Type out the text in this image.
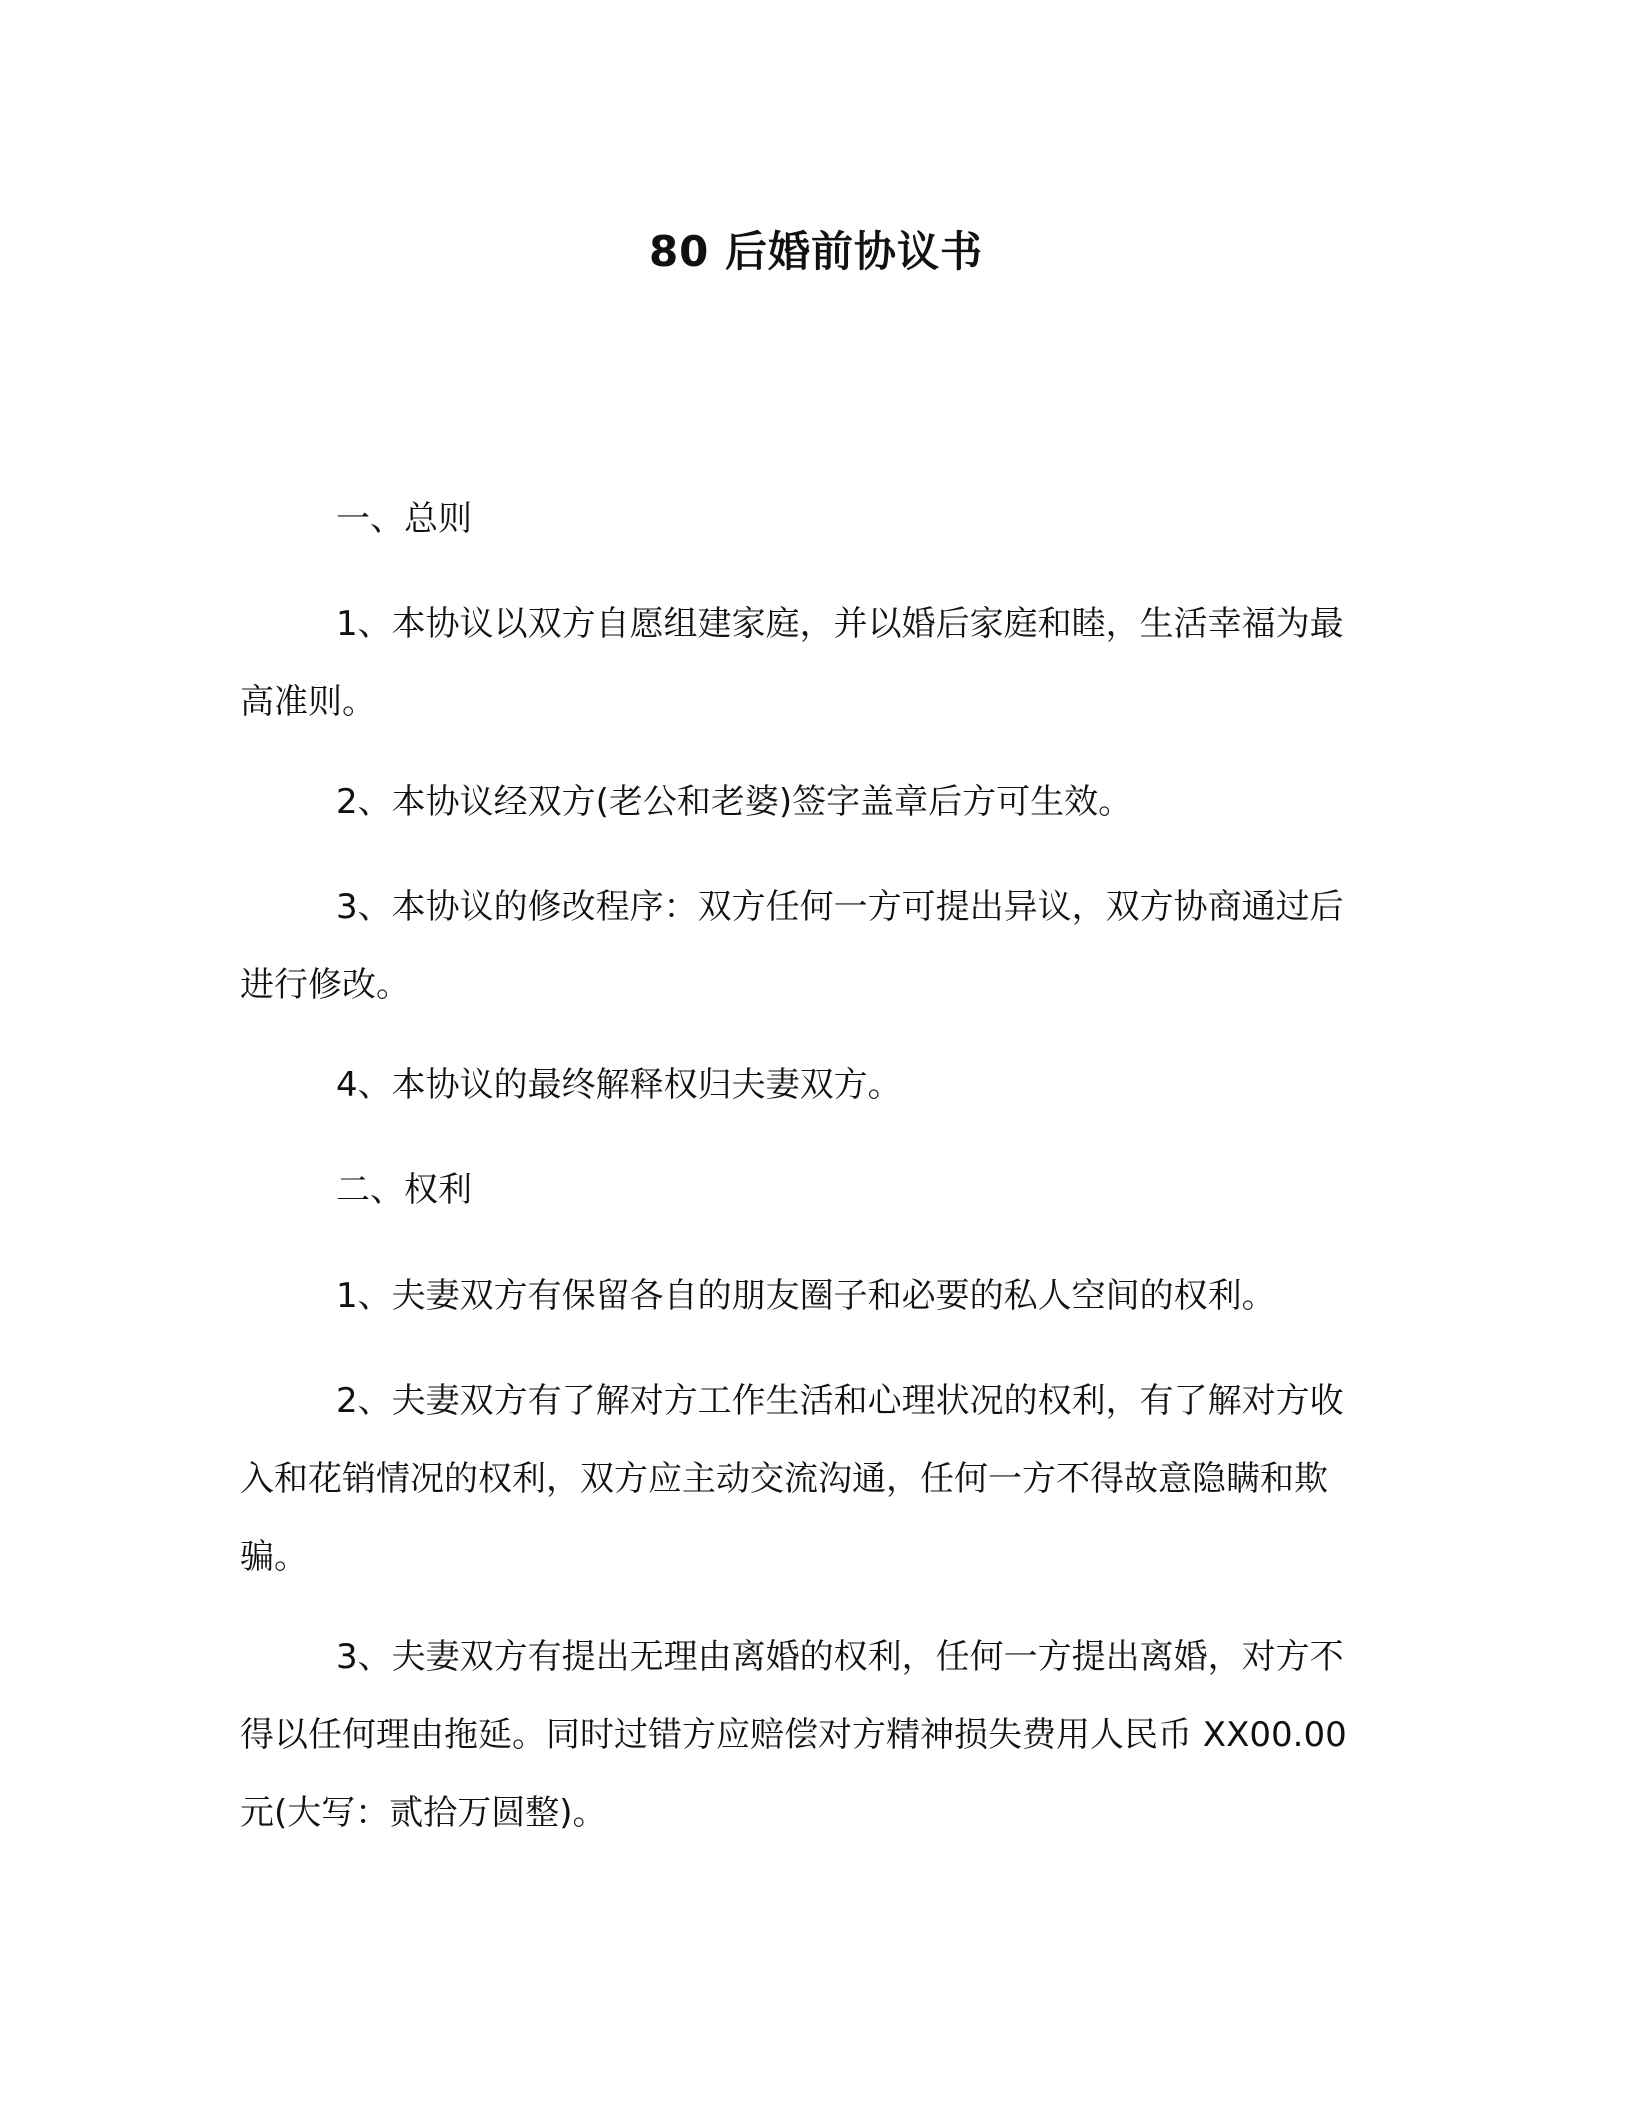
80 后婚前协议书

一、总则

1、本协议以双方自愿组建家庭，并以婚后家庭和睦，生活幸福为最高准则。

2、本协议经双方(老公和老婆)签字盖章后方可生效。

3、本协议的修改程序：双方任何一方可提出异议，双方协商通过后进行修改。

4、本协议的最终解释权归夫妻双方。

二、权利

1、夫妻双方有保留各自的朋友圈子和必要的私人空间的权利。

2、夫妻双方有了解对方工作生活和心理状况的权利，有了解对方收入和花销情况的权利，双方应主动交流沟通，任何一方不得故意隐瞒和欺骗。

3、夫妻双方有提出无理由离婚的权利，任何一方提出离婚，对方不得以任何理由拖延。同时过错方应赔偿对方精神损失费用人民币 XX00.00 元(大写：贰拾万圆整)。
